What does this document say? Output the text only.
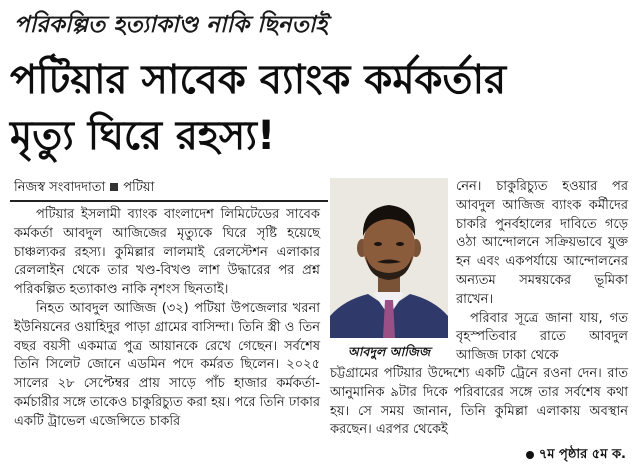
পরিকল্পিত হত্যাকাণ্ড নাকি ছিনতাই
পটিয়ার সাবেক ব্যাংক কর্মকর্তার
মৃত্যু ঘিরে রহস্য!
নিজস্ব সংবাদদাতা পটিয়া

পটিয়ার ইসলামী ব্যাংক বাংলাদেশ লিমিটেডের সাবেক কর্মকর্তা আবদুল আজিজের মৃত্যুকে ঘিরে সৃষ্টি হয়েছে চাঞ্চল্যকর রহস্য। কুমিল্লার লালমাই রেলস্টেশন এলাকার রেললাইন থেকে তার খণ্ড-বিখণ্ড লাশ উদ্ধারের পর প্রশ্ন পরিকল্পিত হত্যাকাণ্ড নাকি নৃশংস ছিনতাই।

নিহত আবদুল আজিজ (৩২) পটিয়া উপজেলার খরনা ইউনিয়নের ওয়াহিদুর পাড়া গ্রামের বাসিন্দা। তিনি স্ত্রী ও তিন বছর বয়সী একমাত্র পুত্র আয়ানকে রেখে গেছেন। সর্বশেষ তিনি সিলেট জোনে এডমিন পদে কর্মরত ছিলেন। ২০২৫ সালের ২৮ সেপ্টেম্বর প্রায় সাড়ে পাঁচ হাজার কর্মকর্তা-কর্মচারীর সঙ্গে তাকেও চাকুরিচ্যুত করা হয়। পরে তিনি ঢাকার একটি ট্রাভেল এজেন্সিতে চাকরি

আবদুল আজিজ

নেন। চাকুরিচ্যুত হওয়ার পর আবদুল আজিজ ব্যাংক কর্মীদের চাকরি পুনর্বহালের দাবিতে গড়ে ওঠা আন্দোলনে সক্রিয়ভাবে যুক্ত হন এবং একপর্যায়ে আন্দোলনের অন্যতম সমন্বয়কের ভূমিকা রাখেন।

পরিবার সূত্রে জানা যায়, গত বৃহস্পতিবার রাতে আবদুল আজিজ ঢাকা থেকে

চট্টগ্রামের পটিয়ার উদ্দেশ্যে একটি ট্রেনে রওনা দেন। রাত আনুমানিক ৯টার দিকে পরিবারের সঙ্গে তার সর্বশেষ কথা হয়। সে সময় জানান, তিনি কুমিল্লা এলাকায় অবস্থান করছেন। এরপর থেকেই

৭ম পৃষ্ঠার ৫ম ক.
